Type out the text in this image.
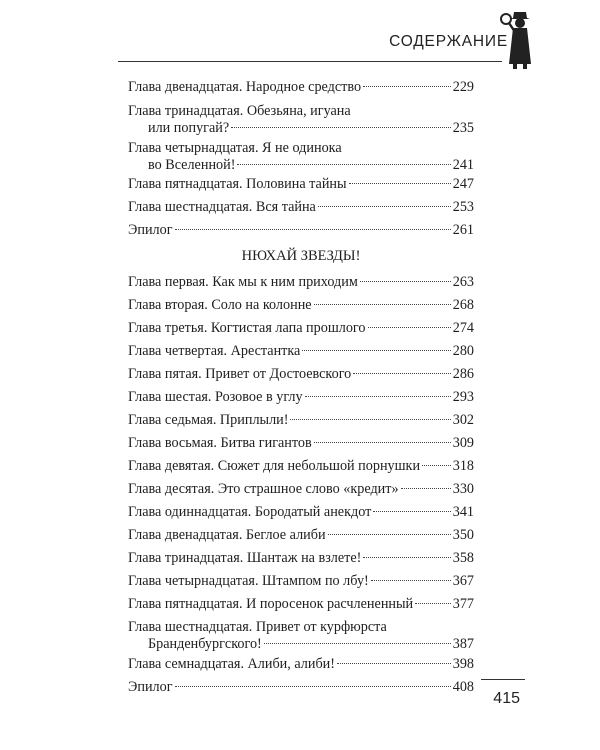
СОДЕРЖАНИЕ
Глава двенадцатая. Народное средство	229
Глава тринадцатая. Обезьяна, игуана
или попугай?	235
Глава четырнадцатая. Я не одинока
во Вселенной!	241
Глава пятнадцатая. Половина тайны	247
Глава шестнадцатая. Вся тайна	253
Эпилог	261
Глава первая. Как мы к ним приходим	263
Глава вторая. Соло на колонне	268
Глава третья. Когтистая лапа прошлого	274
Глава четвертая. Арестантка	280
Глава пятая. Привет от Достоевского	286
Глава шестая. Розовое в углу	293
Глава седьмая. Приплыли!	302
Глава восьмая. Битва гигантов	309
Глава девятая. Сюжет для небольшой порнушки 318
Глава десятая. Это страшное слово «кредит»	330
Глава одиннадцатая. Бородатый анекдот	341
Глава двенадцатая. Беглое алиби	350
Глава тринадцатая. Шантаж на взлете!	358
Глава четырнадцатая. Штампом по лбу!	367
Глава пятнадцатая. И поросенок расчлененный	377
Глава шестнадцатая. Привет от курфюрста
Бранденбургского!	387
Глава семнадцатая. Алиби, алиби!	398
Эпилог	408
НЮХАЙ ЗВЕЗДЫ!
415
